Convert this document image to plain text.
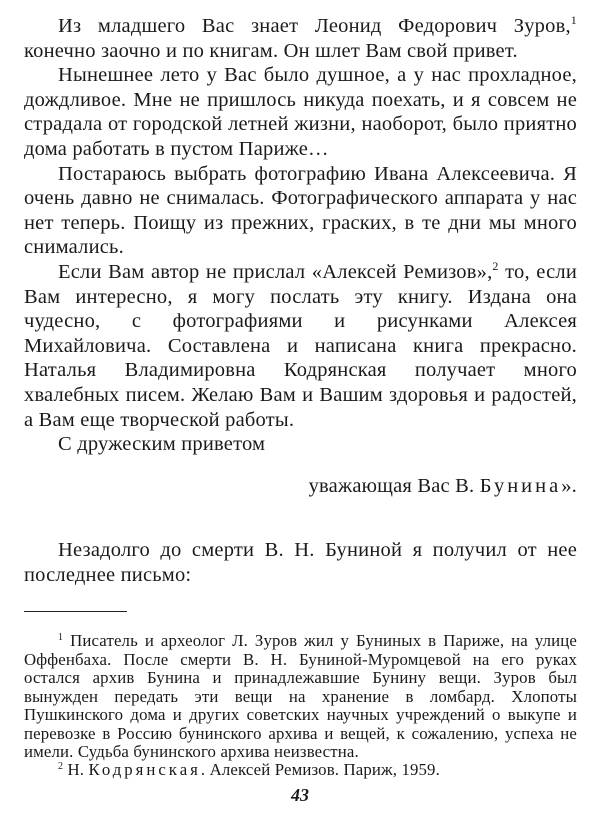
Из младшего Вас знает Леонид Федорович Зуров,$^1$ конечно заочно и по книгам. Он шлет Вам свой привет.

Нынешнее лето у Вас было душное, а у нас прохладное, дождливое. Мне не пришлось никуда поехать, и я совсем не страдала от городской летней жизни, наоборот, было приятно дома работать в пустом Париже…

Постараюсь выбрать фотографию Ивана Алексеевича. Я очень давно не снималась. Фотографического аппарата у нас нет теперь. Поищу из прежних, граских, в те дни мы много снимались.

Если Вам автор не прислал «Алексей Ремизов»,$^2$ то, если Вам интересно, я могу послать эту книгу. Издана она чудесно, с фотографиями и рисунками Алексея Михайловича. Составлена и написана книга прекрасно. Наталья Владимировна Кодрянская получает много хвалебных писем. Желаю Вам и Вашим здоровья и радостей, а Вам еще творческой работы.

С дружеским приветом

уважающая Вас В. Бунина».

Незадолго до смерти В. Н. Буниной я получил от нее последнее письмо:

$^1$ Писатель и археолог Л. Зуров жил у Буниных в Париже, на улице Оффенбаха. После смерти В. Н. Буниной-Муромцевой на его руках остался архив Бунина и принадлежавшие Бунину вещи. Зуров был вынужден передать эти вещи на хранение в ломбард. Хлопоты Пушкинского дома и других советских научных учреждений о выкупе и перевозке в Россию бунинского архива и вещей, к сожалению, успеха не имели. Судьба бунинского архива неизвестна.

$^2$ Н. Кодрянская. Алексей Ремизов. Париж, 1959.

43
